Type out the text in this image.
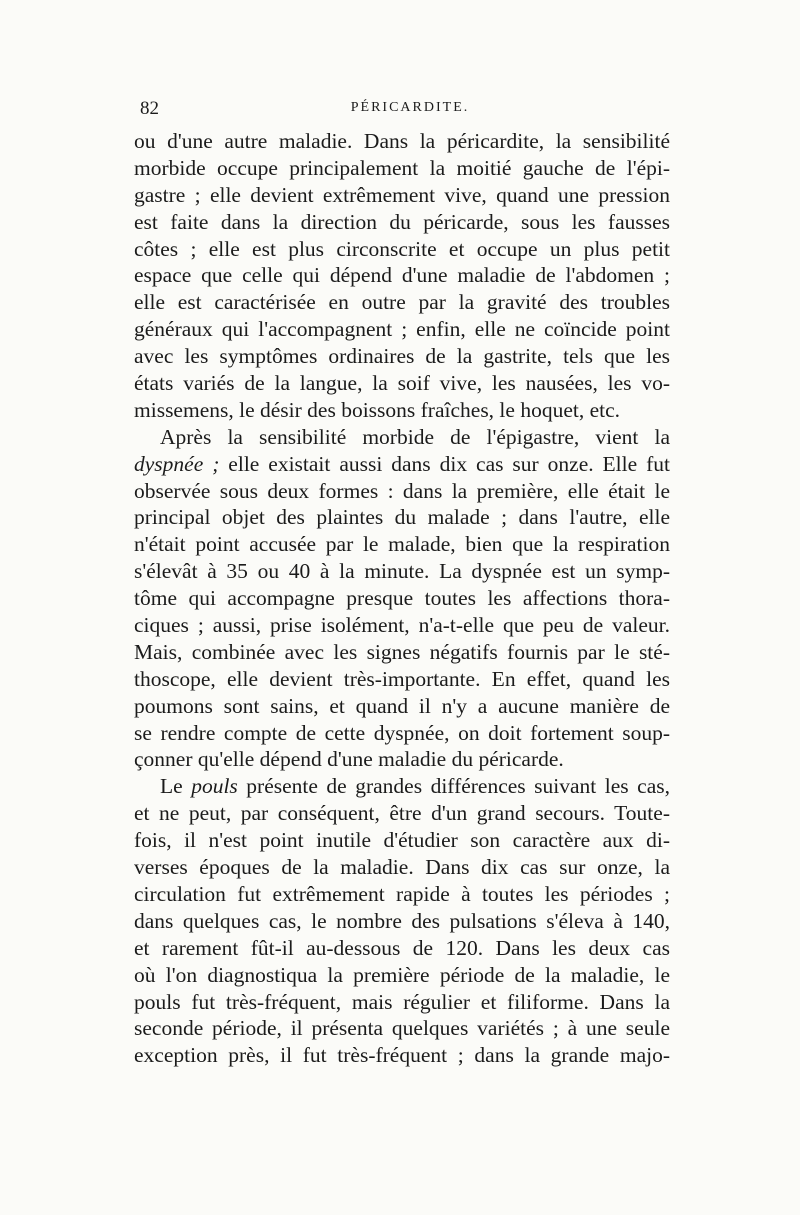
82	PÉRICARDITE.
ou d'une autre maladie. Dans la péricardite, la sensibilité
morbide occupe principalement la moitié gauche de l'épi-
gastre ; elle devient extrêmement vive, quand une pression
est faite dans la direction du péricarde, sous les fausses
côtes ; elle est plus circonscrite et occupe un plus petit
espace que celle qui dépend d'une maladie de l'abdomen ;
elle est caractérisée en outre par la gravité des troubles
généraux qui l'accompagnent ; enfin, elle ne coïncide point
avec les symptômes ordinaires de la gastrite, tels que les
états variés de la langue, la soif vive, les nausées, les vo-
missemens, le désir des boissons fraîches, le hoquet, etc.
Après la sensibilité morbide de l'épigastre, vient la
dyspnée ; elle existait aussi dans dix cas sur onze. Elle fut
observée sous deux formes : dans la première, elle était le
principal objet des plaintes du malade ; dans l'autre, elle
n'était point accusée par le malade, bien que la respiration
s'élevât à 35 ou 40 à la minute. La dyspnée est un symp-
tôme qui accompagne presque toutes les affections thora-
ciques ; aussi, prise isolément, n'a-t-elle que peu de valeur.
Mais, combinée avec les signes négatifs fournis par le sté-
thoscope, elle devient très-importante. En effet, quand les
poumons sont sains, et quand il n'y a aucune manière de
se rendre compte de cette dyspnée, on doit fortement soup-
çonner qu'elle dépend d'une maladie du péricarde.
Le pouls présente de grandes différences suivant les cas,
et ne peut, par conséquent, être d'un grand secours. Toute-
fois, il n'est point inutile d'étudier son caractère aux di-
verses époques de la maladie. Dans dix cas sur onze, la
circulation fut extrêmement rapide à toutes les périodes ;
dans quelques cas, le nombre des pulsations s'éleva à 140,
et rarement fût-il au-dessous de 120. Dans les deux cas
où l'on diagnostiqua la première période de la maladie, le
pouls fut très-fréquent, mais régulier et filiforme. Dans la
seconde période, il présenta quelques variétés ; à une seule
exception près, il fut très-fréquent ; dans la grande majo-
